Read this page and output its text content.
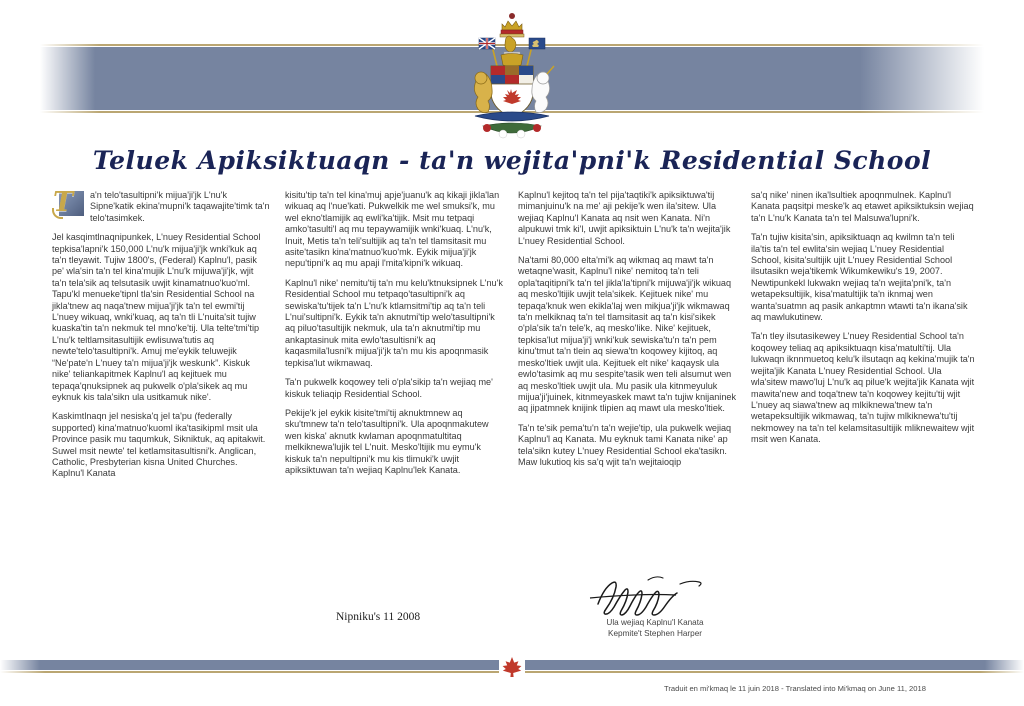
Teluek Apiksiktuaqn - ta'n wejita'pni'k Residential School

T a'n telo'tasultipni'k mijua'ji'jk L'nu'k Sipne'katik ekina'mupni'k taqawajite'timk ta'n telo'tasimkek.

Jel kasqimtlnaqnipunkek, L'nuey Residential School tepkisa'lapni'k 150,000 L'nu'k mijua'ji'jk wnki'kuk aq ta'n tleyawit. Tujiw 1800's, (Federal) Kaplnu'l, pasik pe' wla'sin ta'n tel kina'mujik L'nu'k mijuwa'ji'jk, wjit ta'n tela'sik aq telsutasik uwjit kinamatnuo'kuo'ml. Tapu'kl menueke'tipnl tla'sin Residential School na jikla'tnew aq naqa'tnew mijua'ji'jk ta'n tel ewmi'tij L'nuey wikuaq, wnki'kuaq, aq ta'n tli L'nuita'sit tujiw kuaska'tin ta'n nekmuk tel mno'ke'tij. Ula telte'tmi'tip L'nu'k teltlamsitasultijik ewlisuwa'tutis aq newte'telo'tasultipni'k. Amuj me'eykik teluwejik “Ne'pate'n L'nuey ta'n mijua'ji'jk weskunk”. Kiskuk nike' teliankapitmek Kaplnu'l aq kejituek mu tepaqa'qnuksipnek aq pukwelk o'pla'sikek aq mu eyknuk kis tala'sikn ula usitkamuk nike'.

Kaskimtlnaqn jel nesiska'q jel ta'pu (federally supported) kina'matnuo'kuoml ika'tasikipml msit ula Province pasik mu taqumkuk, Sikniktuk, aq apitakwit. Suwel msit newte' tel ketlamsitasultisni'k. Anglican, Catholic, Presbyterian kisna United Churches. Kaplnu'l Kanata

kisitu'tip ta'n tel kina'muj apje'juanu'k aq kikaji jikla'lan wikuaq aq l'nue'kati. Pukwelkik me wel smuksi'k, mu wel ekno'tlamijik aq ewli'ka'tijik. Msit mu tetpaqi amko'tasulti'l aq mu tepaywamijik wnki'kuaq. L'nu'k, Inuit, Metis ta'n teli'sultijik aq ta'n tel tlamsitasit mu asite'tasikn kina'matnuo'kuo'mk. Eykik mijua'ji'jk nepu'tipni'k aq mu apaji l'mita'kipni'k wikuaq.

Kaplnu'l nike' nemitu'tij ta'n mu kelu'ktnuksipnek L'nu'k Residential School mu tetpaqo'tasultipni'k aq sewiska'tu'tijek ta'n L'nu'k ktlamsitmi'tip aq ta'n teli L'nui'sultipni'k. Eykik ta'n aknutmi'tip welo'tasultipni'k aq piluo'tasultijik nekmuk, ula ta'n aknutmi'tip mu ankaptasinuk mita ewlo'tasultisni'k aq kaqasmila'lusni'k mijua'ji'jk ta'n mu kis apoqnmasik tepkisa'lut wikmawaq.

Ta'n pukwelk koqowey teli o'pla'sikip ta'n wejiaq me' kiskuk teliaqip Residential School.

Pekije'k jel eykik kisite'tmi'tij aknuktmnew aq sku'tmnew ta'n telo'tasultipni'k. Ula apoqnmakutew wen kiska' aknutk kwlaman apoqnmatultitaq melkiknewa'lujik tel L'nuit. Mesko'ltijik mu eymu'k kiskuk ta'n nepultipni'k mu kis tlimuki'k uwjit apiksiktuwan ta'n wejiaq Kaplnu'lek Kanata.

Kaplnu'l kejitoq ta'n tel pija'taqtiki'k apiksiktuwa'tij mimanjuinu'k na me' aji pekije'k wen ila'sitew. Ula wejiaq Kaplnu'l Kanata aq nsit wen Kanata. Ni'n alpukuwi tmk ki'l, uwjit apiksiktuin L'nu'k ta'n wejita'jik L'nuey Residential School.

Na'tami 80,000 elta'mi'k aq wikmaq aq mawt ta'n wetaqne'wasit, Kaplnu'l nike' nemitoq ta'n teli opla'taqitipni'k ta'n tel jikla'la'tipni'k mijuwa'ji'jk wikuaq aq mesko'ltijik uwjit tela'sikek. Kejituek nike' mu tepaqa'knuk wen ekikla'laj wen mikjua'ji'jk wikmawaq ta'n melkiknaq ta'n tel tlamsitasit aq ta'n kisi'sikek o'pla'sik ta'n tele'k, aq mesko'like. Nike' kejituek, tepkisa'lut mijua'ji'j wnki'kuk sewiska'tu'n ta'n pem kinu'tmut ta'n tlein aq siewa'tn koqowey kijitoq, aq mesko'ltiek uwjit ula. Kejituek elt nike' kaqaysk ula ewlo'tasimk aq mu sespite'tasik wen teli alsumut wen aq mesko'ltiek uwjit ula. Mu pasik ula kitnmeyuluk mijua'ji'juinek, kitnmeyaskek mawt ta'n tujiw knijaninek aq jipatmnek knijink tlipien aq mawt ula mesko'ltiek.

Ta'n te'sik pema'tu'n ta'n wejie'tip, ula pukwelk wejiaq Kaplnu'l aq Kanata. Mu eyknuk tami Kanata nike' ap tela'sikn kutey L'nuey Residential School eka'tasikn. Maw lukutioq kis sa'q wjit ta'n wejitaioqip

sa'q nike' ninen ika'lsultiek apoqnmulnek. Kaplnu'l Kanata paqsitpi meske'k aq etawet apiksiktuksin wejiaq ta'n L'nu'k Kanata ta'n tel Malsuwa'lupni'k.

Ta'n tujiw kisita'sin, apiksiktuaqn aq kwilmn ta'n teli ila'tis ta'n tel ewlita'sin wejiaq L'nuey Residential School, kisita'sultijik ujit L'nuey Residential School ilsutasikn weja'tikemk Wikumkewiku's 19, 2007. Newtipunkekl lukwakn wejiaq ta'n wejita'pni'k, ta'n wetapeksultijik, kisa'matultijik ta'n iknmaj wen wanta'suatmn aq pasik ankaptmn wtawti ta'n ikana'sik aq mawlukutinew.

Ta'n tley ilsutasikewey L'nuey Residential School ta'n koqowey teliaq aq apiksiktuaqn kisa'matulti'tij. Ula lukwaqn iknnmuetoq kelu'k ilsutaqn aq kekina'mujik ta'n wejita'jik Kanata L'nuey Residential School. Ula wla'sitew mawo'luj L'nu'k aq pilue'k wejita'jik Kanata wjit mawita'new and toqa'tnew ta'n koqowey kejitu'tij wjit L'nuey aq siawa'tnew aq mlkiknewa'tnew ta'n wetapeksultijik wikmawaq, ta'n tujiw mlkiknewa'tu'tij nekmowey na ta'n tel kelamsitasultijik mliknewaitew wjit msit wen Kanata.

Nipniku's 11 2008	Ula wejiaq Kaplnu'l Kanata
Kepmite't Stephen Harper
Traduit en mi'kmaq le 11 juin 2018 - Translated into Mi'kmaq on June 11, 2018
